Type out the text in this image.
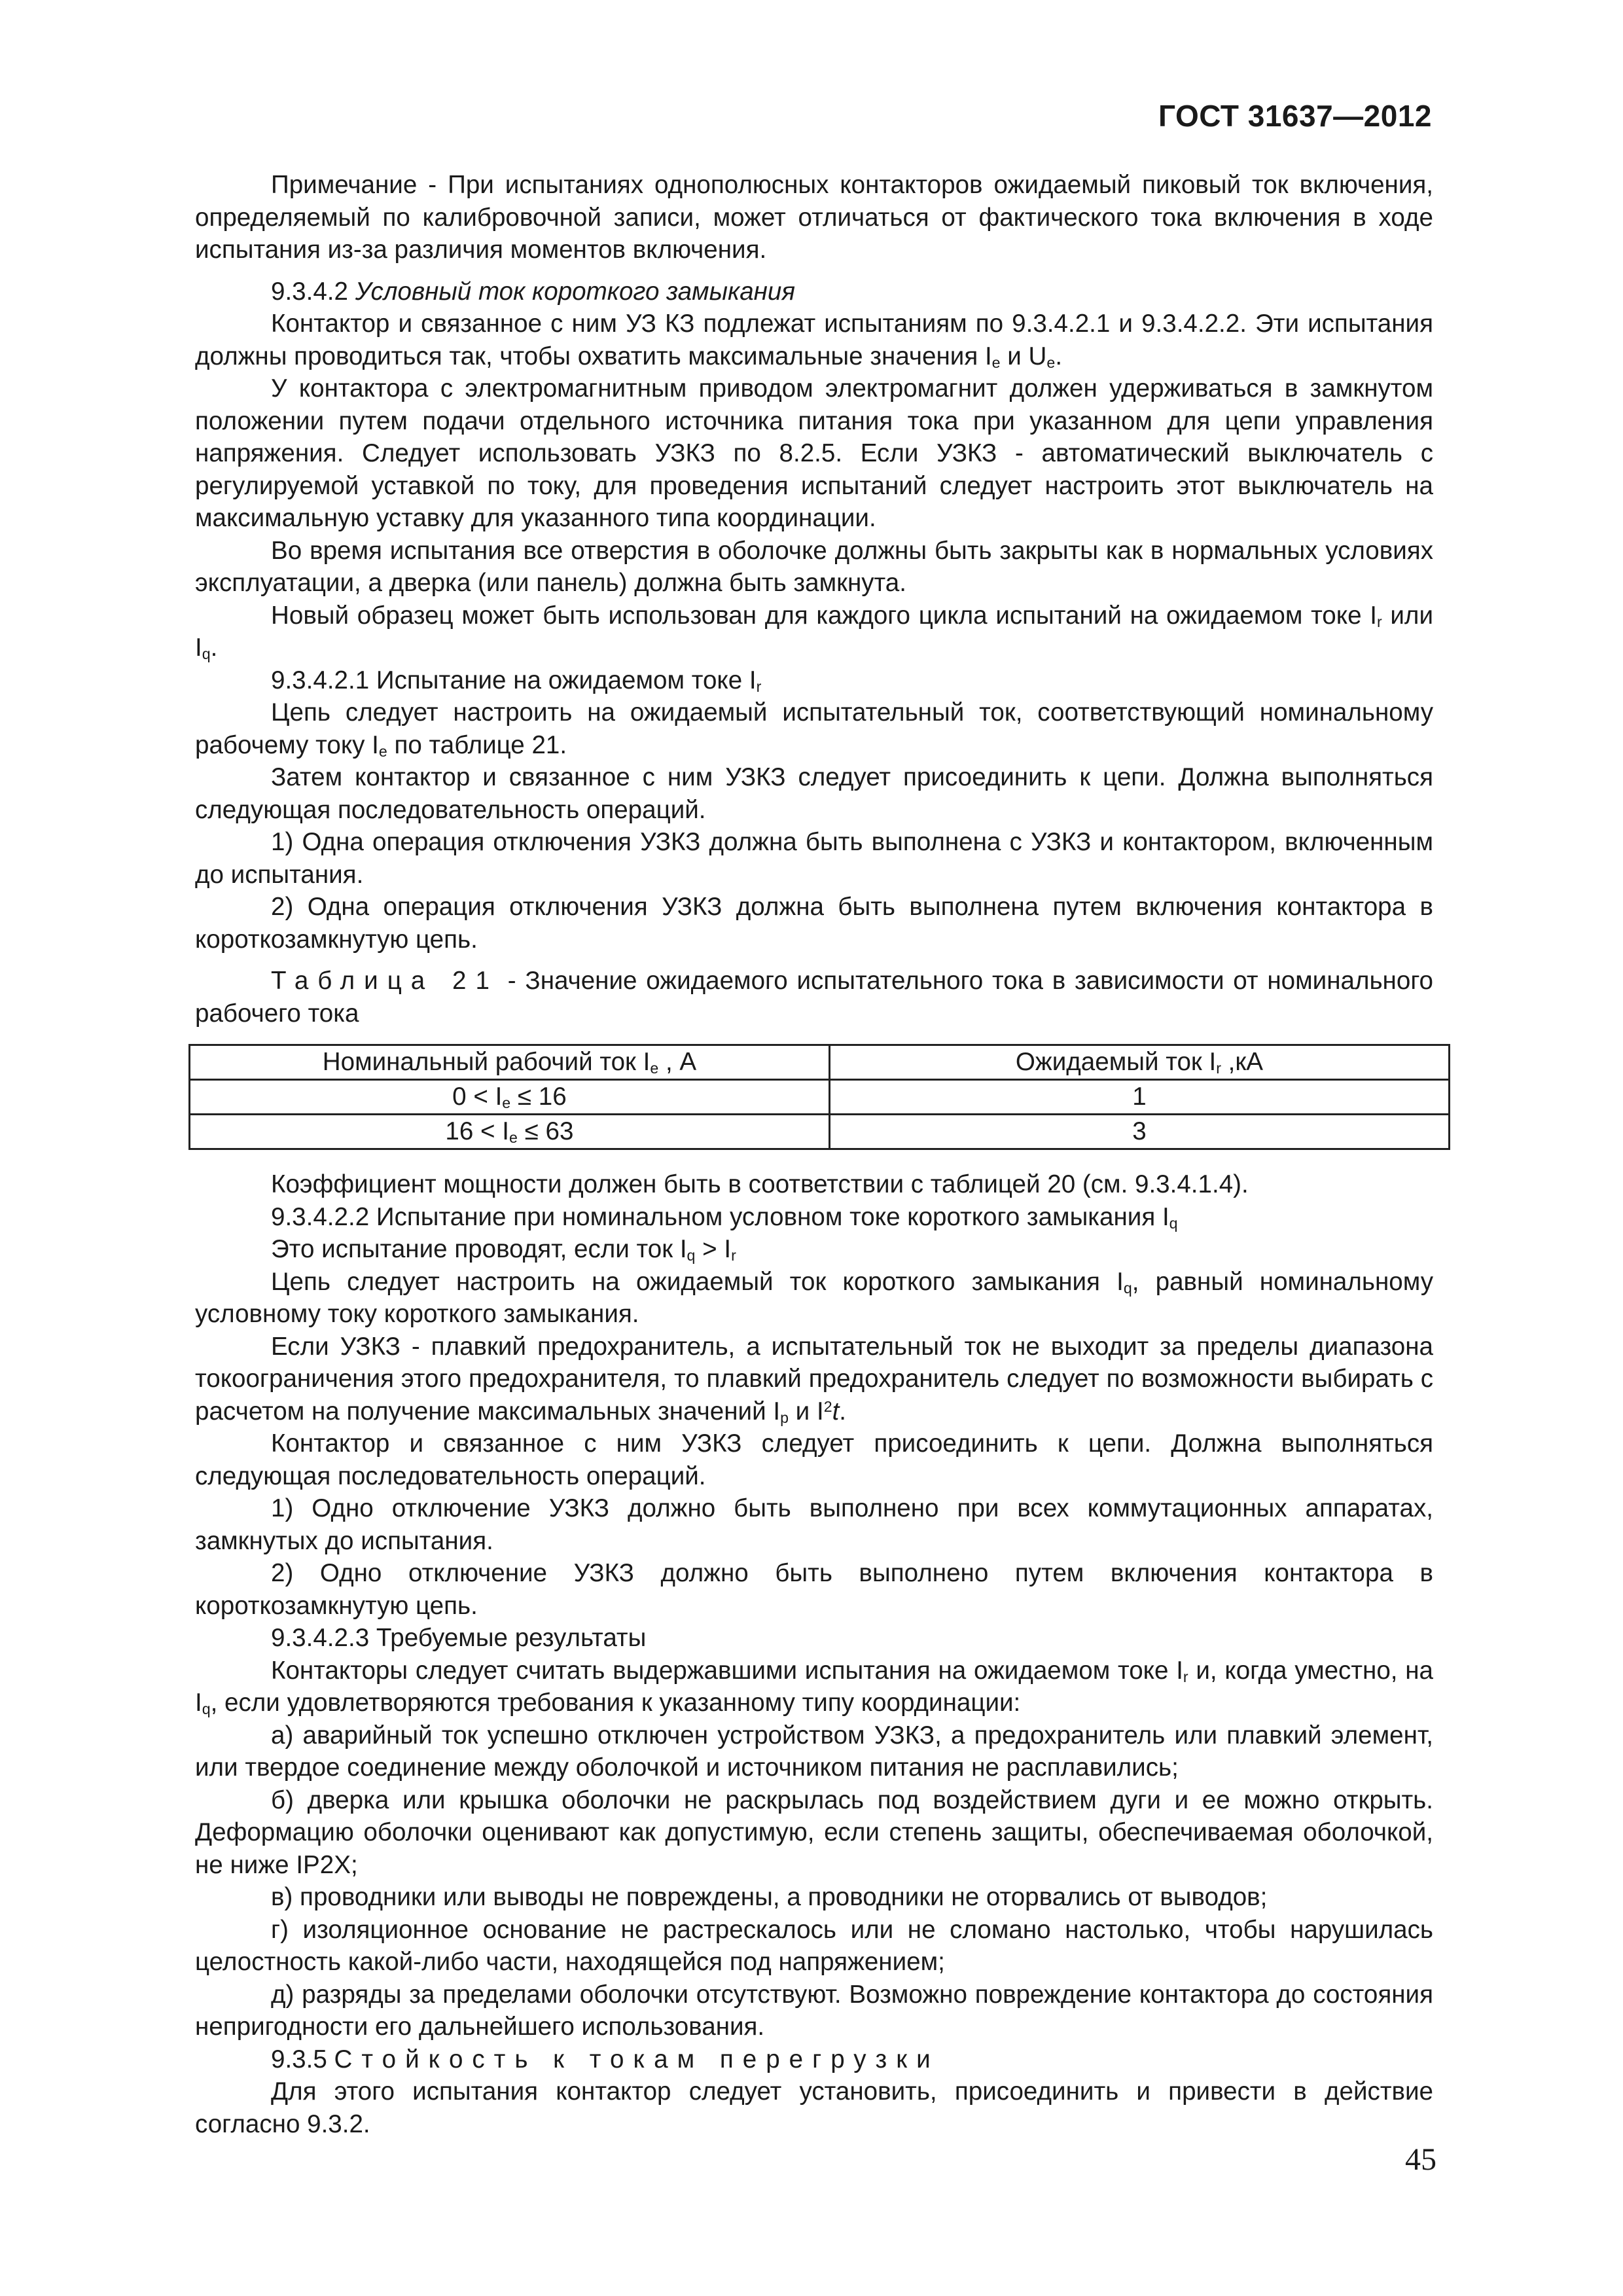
ГОСТ 31637—2012

Примечание - При испытаниях однополюсных контакторов ожидаемый пиковый ток включения, определяемый по калибровочной записи, может отличаться от фактического тока включения в ходе испытания из-за различия моментов включения.

9.3.4.2 Условный ток короткого замыкания

Контактор и связанное с ним УЗ КЗ подлежат испытаниям по 9.3.4.2.1 и 9.3.4.2.2. Эти испытания должны проводиться так, чтобы охватить максимальные значения $I_e$ и $U_e$.

У контактора с электромагнитным приводом электромагнит должен удерживаться в замкнутом положении путем подачи отдельного источника питания тока при указанном для цепи управления напряжения. Следует использовать УЗКЗ по 8.2.5. Если УЗКЗ - автоматический выключатель с регулируемой уставкой по току, для проведения испытаний следует настроить этот выключатель на максимальную уставку для указанного типа координации.

Во время испытания все отверстия в оболочке должны быть закрыты как в нормальных условиях эксплуатации, а дверка (или панель) должна быть замкнута.

Новый образец может быть использован для каждого цикла испытаний на ожидаемом токе $I_r$ или $I_q$.

9.3.4.2.1 Испытание на ожидаемом токе $I_r$

Цепь следует настроить на ожидаемый испытательный ток, соответствующий номинальному рабочему току $I_e$ по таблице 21.

Затем контактор и связанное с ним УЗКЗ следует присоединить к цепи. Должна выполняться следующая последовательность операций.

1) Одна операция отключения УЗКЗ должна быть выполнена с УЗКЗ и контактором, включенным до испытания.

2) Одна операция отключения УЗКЗ должна быть выполнена путем включения контактора в короткозамкнутую цепь.

Таблица 21 - Значение ожидаемого испытательного тока в зависимости от номинального рабочего тока

Номинальный рабочий ток $I_e$ , А	Ожидаемый ток $I_r$ ,кА
$0 < I_e \le 16$	1
$16 < I_e \le 63$	3

Коэффициент мощности должен быть в соответствии с таблицей 20 (см. 9.3.4.1.4).

9.3.4.2.2 Испытание при номинальном условном токе короткого замыкания $I_q$

Это испытание проводят, если ток $I_q > I_r$

Цепь следует настроить на ожидаемый ток короткого замыкания $I_q$, равный номинальному условному току короткого замыкания.

Если УЗКЗ - плавкий предохранитель, а испытательный ток не выходит за пределы диапазона токоограничения этого предохранителя, то плавкий предохранитель следует по возможности выбирать с расчетом на получение максимальных значений $I_p$ и $I^2t$.

Контактор и связанное с ним УЗКЗ следует присоединить к цепи. Должна выполняться следующая последовательность операций.

1) Одно отключение УЗКЗ должно быть выполнено при всех коммутационных аппаратах, замкнутых до испытания.

2) Одно отключение УЗКЗ должно быть выполнено путем включения контактора в короткозамкнутую цепь.

9.3.4.2.3 Требуемые результаты

Контакторы следует считать выдержавшими испытания на ожидаемом токе $I_r$ и, когда уместно, на $I_q$, если удовлетворяются требования к указанному типу координации:

а) аварийный ток успешно отключен устройством УЗКЗ, а предохранитель или плавкий элемент, или твердое соединение между оболочкой и источником питания не расплавились;

б) дверка или крышка оболочки не раскрылась под воздействием дуги и ее можно открыть. Деформацию оболочки оценивают как допустимую, если степень защиты, обеспечиваемая оболочкой, не ниже IP2X;

в) проводники или выводы не повреждены, а проводники не оторвались от выводов;

г) изоляционное основание не растрескалось или не сломано настолько, чтобы нарушилась целостность какой-либо части, находящейся под напряжением;

д) разряды за пределами оболочки отсутствуют. Возможно повреждение контактора до состояния непригодности его дальнейшего использования.

9.3.5 Стойкость к токам перегрузки

Для этого испытания контактор следует установить, присоединить и привести в действие согласно 9.3.2.

45
